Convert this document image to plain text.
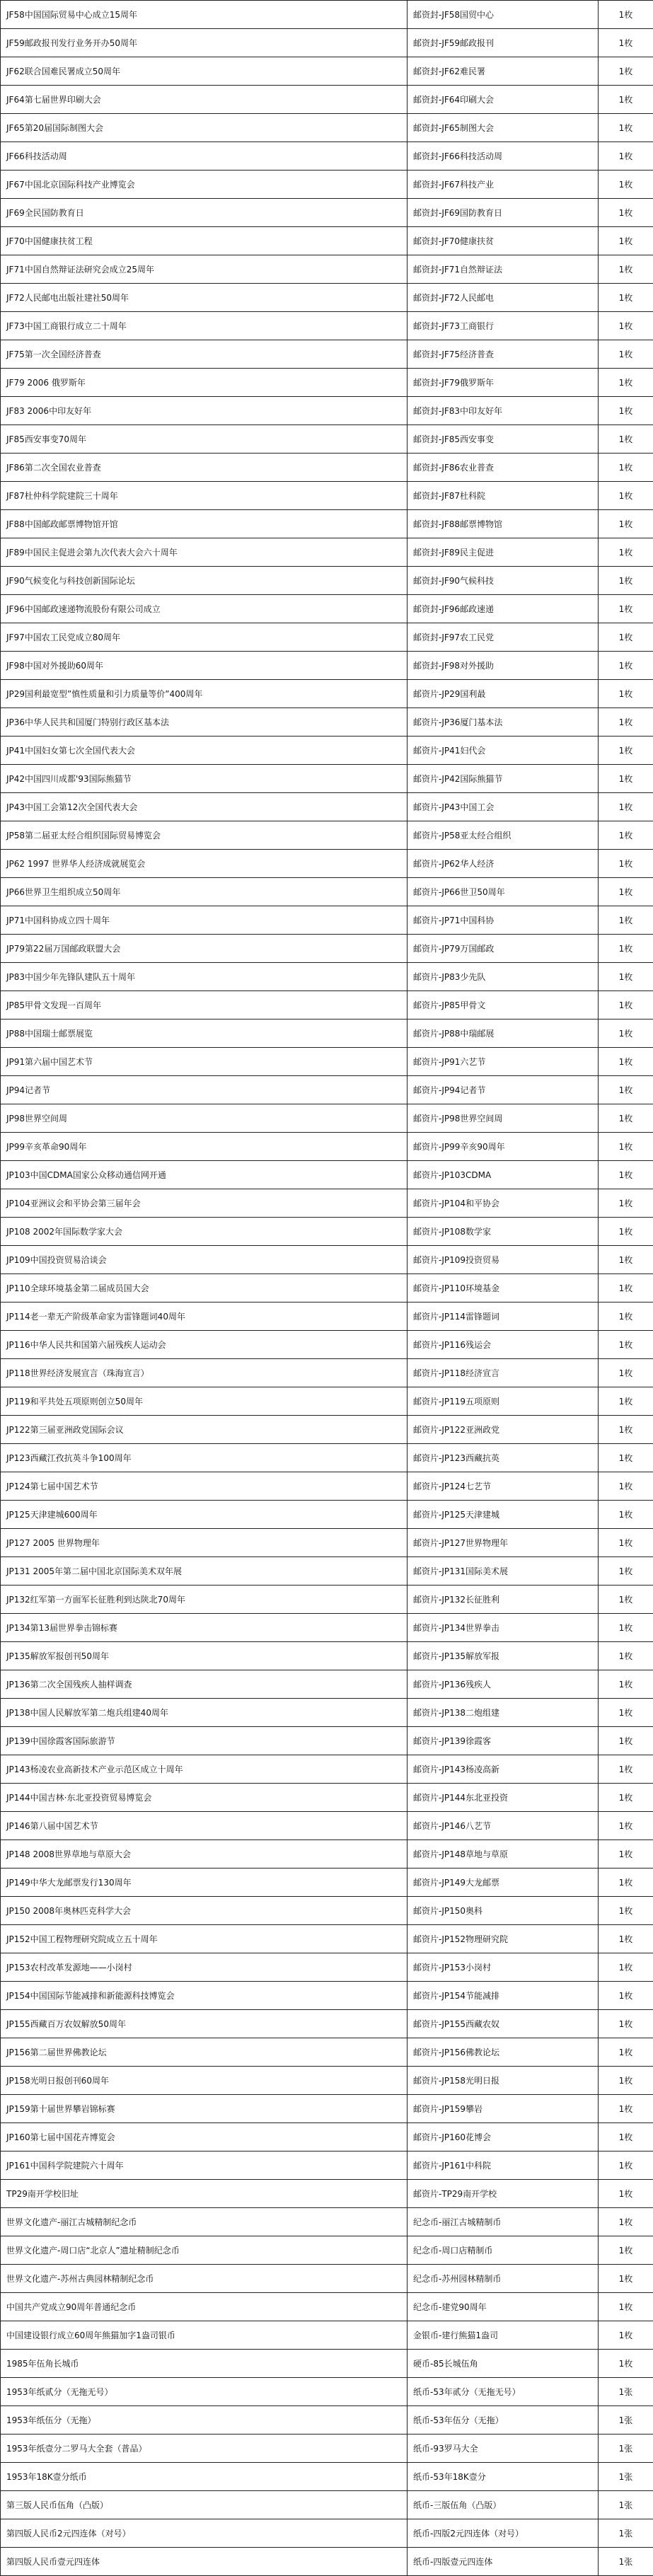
JF58中国国际贸易中心成立15周年	邮资封-JF58国贸中心	1枚
JF59邮政报刊发行业务开办50周年	邮资封-JF59邮政报刊	1枚
JF62联合国难民署成立50周年	邮资封-JF62难民署	1枚
JF64第七届世界印刷大会	邮资封-JF64印刷大会	1枚
JF65第20届国际制图大会	邮资封-JF65制图大会	1枚
JF66科技活动周	邮资封-JF66科技活动周	1枚
JF67中国北京国际科技产业博览会	邮资封-JF67科技产业	1枚
JF69全民国防教育日	邮资封-JF69国防教育日	1枚
JF70中国健康扶贫工程	邮资封-JF70健康扶贫	1枚
JF71中国自然辩证法研究会成立25周年	邮资封-JF71自然辩证法	1枚
JF72人民邮电出版社建社50周年	邮资封-JF72人民邮电	1枚
JF73中国工商银行成立二十周年	邮资封-JF73工商银行	1枚
JF75第一次全国经济普查	邮资封-JF75经济普查	1枚
JF79 2006 俄罗斯年	邮资封-JF79俄罗斯年	1枚
JF83 2006中印友好年	邮资封-JF83中印友好年	1枚
JF85西安事变70周年	邮资封-JF85西安事变	1枚
JF86第二次全国农业普查	邮资封-JF86农业普查	1枚
JF87杜仲科学院建院三十周年	邮资封-JF87杜科院	1枚
JF88中国邮政邮票博物馆开馆	邮资封-JF88邮票博物馆	1枚
JF89中国民主促进会第九次代表大会六十周年	邮资封-JF89民主促进	1枚
JF90气候变化与科技创新国际论坛	邮资封-JF90气候科技	1枚
JF96中国邮政速递物流股份有限公司成立	邮资封-JF96邮政速递	1枚
JF97中国农工民党成立80周年	邮资封-JF97农工民党	1枚
JF98中国对外援助60周年	邮资封-JF98对外援助	1枚
JP29国利最宽型”慎性质量和引力质量等价”400周年	邮资片-JP29国利最	1枚
JP36中华人民共和国厦门特别行政区基本法	邮资片-JP36厦门基本法	1枚
JP41中国妇女第七次全国代表大会	邮资片-JP41妇代会	1枚
JP42中国四川成都'93国际熊猫节	邮资片-JP42国际熊猫节	1枚
JP43中国工会第12次全国代表大会	邮资片-JP43中国工会	1枚
JP58第二届亚太经合组织国际贸易博览会	邮资片-JP58亚太经合组织	1枚
JP62 1997 世界华人经济成就展览会	邮资片-JP62华人经济	1枚
JP66世界卫生组织成立50周年	邮资片-JP66世卫50周年	1枚
JP71中国科协成立四十周年	邮资片-JP71中国科协	1枚
JP79第22届万国邮政联盟大会	邮资片-JP79万国邮政	1枚
JP83中国少年先锋队建队五十周年	邮资片-JP83少先队	1枚
JP85甲骨文发现一百周年	邮资片-JP85甲骨文	1枚
JP88中国瑞士邮票展览	邮资片-JP88中瑞邮展	1枚
JP91第六届中国艺术节	邮资片-JP91六艺节	1枚
JP94记者节	邮资片-JP94记者节	1枚
JP98世界空间周	邮资片-JP98世界空间周	1枚
JP99辛亥革命90周年	邮资片-JP99辛亥90周年	1枚
JP103中国CDMA国家公众移动通信网开通	邮资片-JP103CDMA	1枚
JP104亚洲议会和平协会第三届年会	邮资片-JP104和平协会	1枚
JP108 2002年国际数学家大会	邮资片-JP108数学家	1枚
JP109中国投资贸易洽谈会	邮资片-JP109投资贸易	1枚
JP110全球环境基金第二届成员国大会	邮资片-JP110环境基金	1枚
JP114老一辈无产阶级革命家为雷锋题词40周年	邮资片-JP114雷锋题词	1枚
JP116中华人民共和国第六届残疾人运动会	邮资片-JP116残运会	1枚
JP118世界经济发展宣言（珠海宣言）	邮资片-JP118经济宣言	1枚
JP119和平共处五项原则创立50周年	邮资片-JP119五项原则	1枚
JP122第三届亚洲政党国际会议	邮资片-JP122亚洲政党	1枚
JP123西藏江孜抗英斗争100周年	邮资片-JP123西藏抗英	1枚
JP124第七届中国艺术节	邮资片-JP124七艺节	1枚
JP125天津建城600周年	邮资片-JP125天津建城	1枚
JP127 2005 世界物理年	邮资片-JP127世界物理年	1枚
JP131 2005年第二届中国北京国际美术双年展	邮资片-JP131国际美术展	1枚
JP132红军第一方面军长征胜利到达陕北70周年	邮资片-JP132长征胜利	1枚
JP134第13届世界拳击锦标赛	邮资片-JP134世界拳击	1枚
JP135解放军报创刊50周年	邮资片-JP135解放军报	1枚
JP136第二次全国残疾人抽样调查	邮资片-JP136残疾人	1枚
JP138中国人民解放军第二炮兵组建40周年	邮资片-JP138二炮组建	1枚
JP139中国徐霞客国际旅游节	邮资片-JP139徐霞客	1枚
JP143杨凌农业高新技术产业示范区成立十周年	邮资片-JP143杨凌高新	1枚
JP144中国吉林·东北亚投资贸易博览会	邮资片-JP144东北亚投资	1枚
JP146第八届中国艺术节	邮资片-JP146八艺节	1枚
JP148 2008世界草地与草原大会	邮资片-JP148草地与草原	1枚
JP149中华大龙邮票发行130周年	邮资片-JP149大龙邮票	1枚
JP150 2008年奥林匹克科学大会	邮资片-JP150奥科	1枚
JP152中国工程物理研究院成立五十周年	邮资片-JP152物理研究院	1枚
JP153农村改革发源地——小岗村	邮资片-JP153小岗村	1枚
JP154中国国际节能减排和新能源科技博览会	邮资片-JP154节能减排	1枚
JP155西藏百万农奴解放50周年	邮资片-JP155西藏农奴	1枚
JP156第二届世界佛教论坛	邮资片-JP156佛教论坛	1枚
JP158光明日报创刊60周年	邮资片-JP158光明日报	1枚
JP159第十届世界攀岩锦标赛	邮资片-JP159攀岩	1枚
JP160第七届中国花卉博览会	邮资片-JP160花博会	1枚
JP161中国科学院建院六十周年	邮资片-JP161中科院	1枚
TP29南开学校旧址	邮资片-TP29南开学校	1枚
世界文化遗产-丽江古城精制纪念币	纪念币-丽江古城精制币	1枚
世界文化遗产-周口店“北京人”遗址精制纪念币	纪念币-周口店精制币	1枚
世界文化遗产-苏州古典园林精制纪念币	纪念币-苏州园林精制币	1枚
中国共产党成立90周年普通纪念币	纪念币-建党90周年	1枚
中国建设银行成立60周年熊猫加字1盎司银币	金银币-建行熊猫1盎司	1枚
1985年伍角长城币	硬币-85长城伍角	1枚
1953年纸贰分（无拖无号）	纸币-53年贰分（无拖无号）	1张
1953年纸伍分（无拖）	纸币-53年伍分（无拖）	1张
1953年纸壹分二罗马大全套（普品）	纸币-93罗马大全	1张
1953年18K壹分纸币	纸币-53年18K壹分	1张
第三版人民币伍角（凸版）	纸币-三版伍角（凸版）	1张
第四版人民币2元四连体（对号）	纸币-四版2元四连体（对号）	1张
第四版人民币壹元四连体	纸币-四版壹元四连体	1张
